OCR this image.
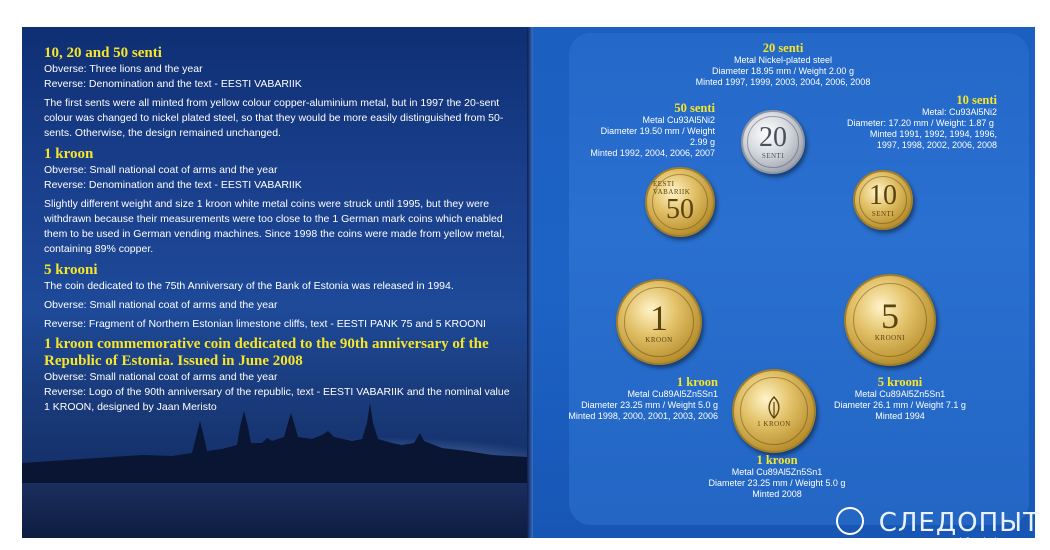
10, 20 and 50 senti

Obverse: Three lions and the year

Reverse: Denomination and the text - EESTI VABARIIK

The first sents were all minted from yellow colour copper-aluminium metal, but in 1997 the 20-sent colour was changed to nickel plated steel, so that they would be more easily distinguished from 50-sents. Otherwise, the design remained unchanged.

1 kroon

Obverse: Small national coat of arms and the year

Reverse: Denomination and the text - EESTI VABARIIK

Slightly different weight and size 1 kroon white metal coins were struck until 1995, but they were withdrawn because their measurements were too close to the 1 German mark coins which enabled them to be used in German vending machines. Since 1998 the coins were made from yellow metal, containing 89% copper.

5 krooni

The coin dedicated to the 75th Anniversary of the Bank of Estonia was released in 1994.

Obverse: Small national coat of arms and the year

Reverse: Fragment of Northern Estonian limestone cliffs, text - EESTI PANK 75 and 5 KROONI

1 kroon commemorative coin dedicated to the 90th anniversary of the Republic of Estonia. Issued in June 2008

Obverse: Small national coat of arms and the year

Reverse: Logo of the 90th anniversary of the republic, text - EESTI VABARIIK and the nominal value 1 KROON, designed by Jaan Meristo

20 senti
Metal Nickel-plated steel
Diameter 18.95 mm / Weight 2.00 g
Minted 1997, 1999, 2003, 2004, 2006, 2008
50 senti
Metal Cu93Al5Ni2
Diameter 19.50 mm / Weight 2.99 g
Minted 1992, 2004, 2006, 2007
10 senti
Metal: Cu93Al5Ni2
Diameter: 17.20 mm / Weight: 1.87 g
Minted 1991, 1992, 1994, 1996,
1997, 1998, 2002, 2006, 2008
20
SENTI
EESTI VABARIIK
50	10
SENTI
1
KROON
5
KROONI
1 KROON
1 kroon
Metal Cu89Al5Zn5Sn1
Diameter 23.25 mm / Weight 5.0 g
Minted 1998, 2000, 2001, 2003, 2006
5 krooni
Metal Cu89Al5Zn5Sn1
Diameter 26.1 mm / Weight 7.1 g
Minted 1994
1 kroon
Metal Cu89Al5Zn5Sn1
Diameter 23.25 mm / Weight 5.0 g
Minted 2008
СЛЕДОПЫТ
www.kladokop.ru
